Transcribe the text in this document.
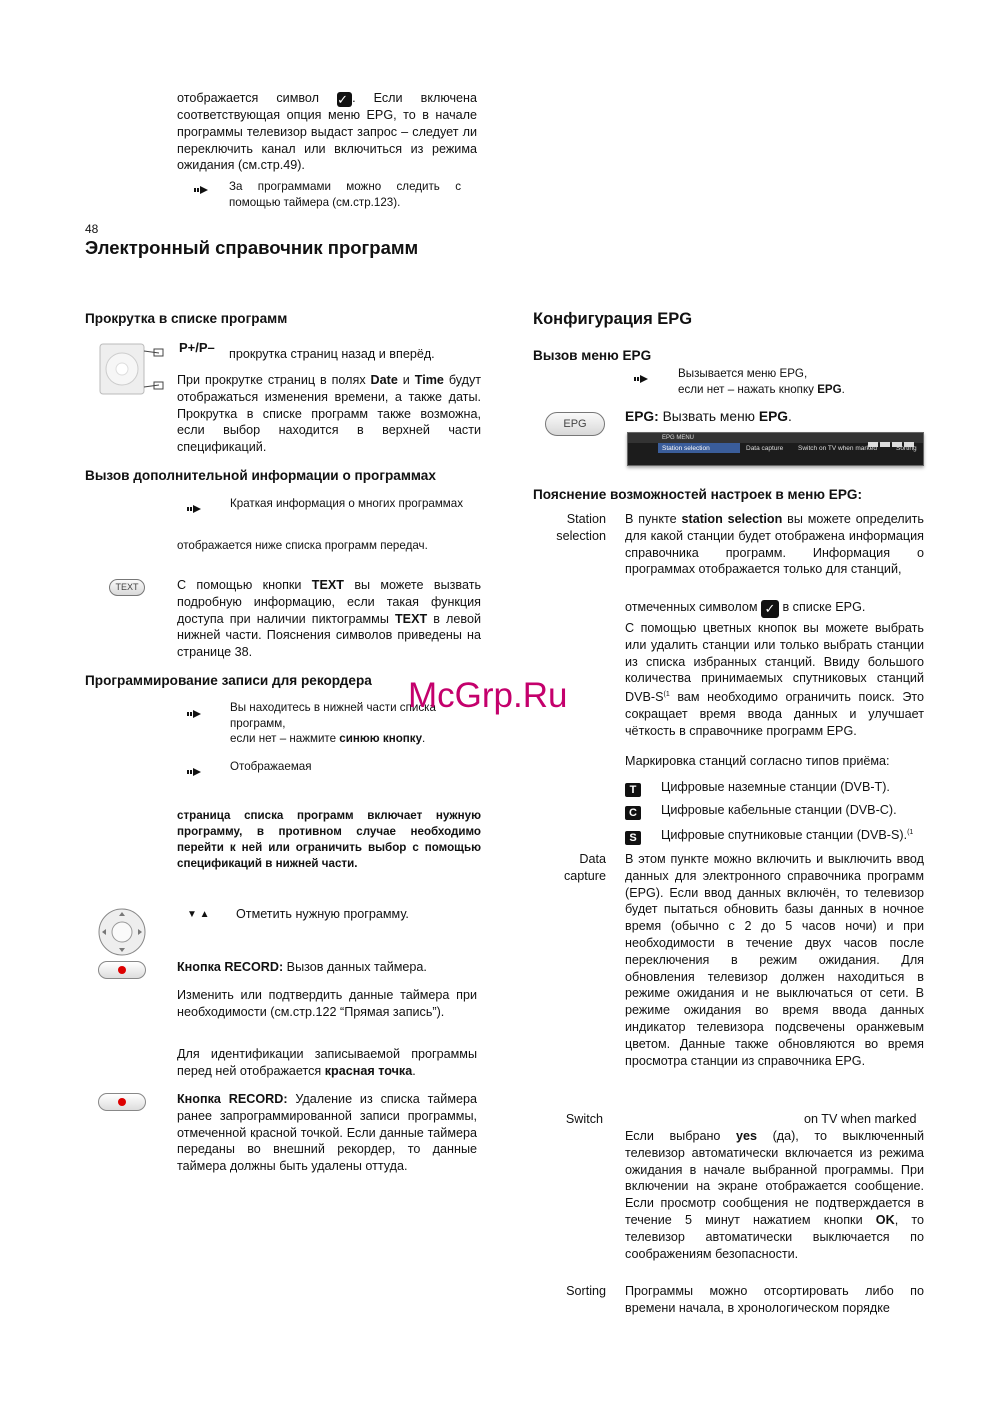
отображается символ ✓ . Если включена соответствующая опция меню EPG, то в начале программы телевизор выдаст запрос – следует ли переключить канал или включиться из режима ожидания (см.стр.49).
За программами можно следить с помощью таймера (см.стр.123).
48
Электронный справочник программ
Прокрутка в списке программ
P+/P– прокрутка страниц назад и вперёд.
При прокрутке страниц в полях Date и Time будут отображаться изменения времени, а также даты. Прокрутка в списке программ также возможна, если выбор находится в верхней части спецификаций.
Вызов дополнительной информации о программах
Краткая информация о многих программах
отображается ниже списка программ передач.
TEXT	С помощью кнопки TEXT вы можете вызвать подробную информацию, если такая функция доступа при наличии пиктограммы TEXT в левой нижней части. Пояснения символов приведены на странице 38.
Программирование записи для рекордера
Вы находитесь в нижней части списка программ,
если нет – нажмите синюю кнопку.
Отображаемая
страница списка программ включает нужную программу, в противном случае необходимо перейти к ней или ограничить выбор с помощью спецификаций в нижней части.
▼ ▲ Отметить нужную программу.
Кнопка RECORD: Вызов данных таймера.
Изменить или подтвердить данные таймера при необходимости (см.стр.122 “Прямая запись”).
Для идентификации записываемой программы перед ней отображается красная точка.
Кнопка RECORD: Удаление из списка таймера ранее запрограммированной записи программы, отмеченной красной точкой. Если данные таймера переданы во внешний рекордер, то данные таймера должны быть удалены оттуда.
Конфигурация EPG
Вызов меню EPG
Вызывается меню EPG,
если нет – нажать кнопку EPG.
EPG	EPG: Вызвать меню EPG.
EPG MENU
Station selection	Data capture Switch on TV when marked	Sorting
Пояснение возможностей настроек в меню EPG:
Station
selection
В пункте station selection вы можете определить для какой станции будет отображена информация справочника программ. Информация о программах отображается только для станций,
отмеченных символом ✓ в списке EPG.
С помощью цветных кнопок вы можете выбрать или удалить станции или только выбрать станции из списка избранных станций. Ввиду большого количества принимаемых спутниковых станций DVB-$S^{(1}$ вам необходимо ограничить поиск. Это сокращает время ввода данных и улучшает чёткость в справочнике программ EPG.
Маркировка станций согласно типов приёма:
T Цифровые наземные станции (DVB-T).
C Цифровые кабельные станции (DVB-C).
S Цифровые спутниковые станции (DVB-S).$^{(1}$
Data
capture
В этом пункте можно включить и выключить ввод данных для электронного справочника программ (EPG). Если ввод данных включён, то телевизор будет пытаться обновить базы данных в ночное время (обычно с 2 до 5 часов ночи) и при необходимости в течение двух часов после переключения в режим ожидания. Для обновления телевизор должен находиться в режиме ожидания и не выключаться от сети. В режиме ожидания во время ввода данных индикатор телевизора подсвечены оранжевым цветом. Данные также обновляются во время просмотра станции из справочника EPG.
Switch	on TV when marked
Если выбрано yes (да), то выключенный телевизор автоматически включается из режима ожидания в начале выбранной программы. При включении на экране отображается сообщение. Если просмотр сообщения не подтверждается в течение 5 минут нажатием кнопки OK, то телевизор автоматически выключается по соображениям безопасности.
Sorting Программы можно отсортировать либо по времени начала, в хронологическом порядке
McGrp.Ru
